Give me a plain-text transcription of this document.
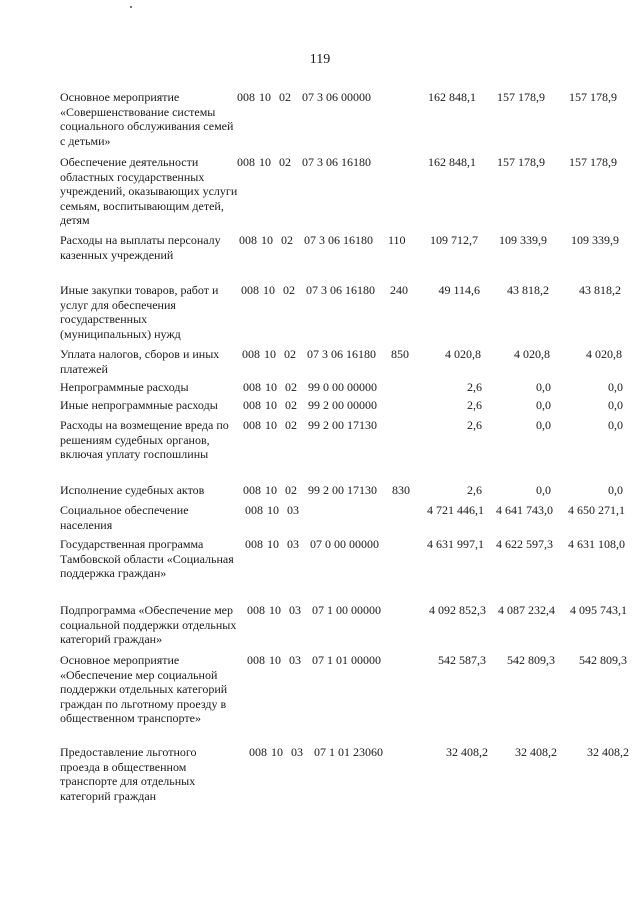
119
Основное мероприятие «Совершенствование системы социального обслуживания семей с детьми»
008 10 02 07 3 06 00000	162 848,1	157 178,9	157 178,9
Обеспечение деятельности областных государственных учреждений, оказывающих услуги семьям, воспитывающим детей, детям
008 10 02 07 3 06 16180	162 848,1	157 178,9	157 178,9
Расходы на выплаты персоналу казенных учреждений
008 10 02 07 3 06 16180 110	109 712,7	109 339,9	109 339,9
Иные закупки товаров, работ и услуг для обеспечения государственных (муниципальных) нужд
008 10 02 07 3 06 16180 240	49 114,6	43 818,2	43 818,2
Уплата налогов, сборов и иных платежей
008 10 02 07 3 06 16180 850	4 020,8	4 020,8	4 020,8
Непрограммные расходы	008 10 02 99 0 00 00000	2,6	0,0	0,0
Иные непрограммные расходы	008 10 02 99 2 00 00000	2,6	0,0	0,0
Расходы на возмещение вреда по решениям судебных органов, включая уплату госпошлины
008 10 02 99 2 00 17130	2,6	0,0	0,0
Исполнение судебных актов	008 10 02 99 2 00 17130 830	2,6	0,0	0,0
Социальное обеспечение населения
008 10 03	4 721 446,1	4 641 743,0	4 650 271,1
Государственная программа Тамбовской области «Социальная поддержка граждан»
008 10 03 07 0 00 00000	4 631 997,1	4 622 597,3	4 631 108,0
Подпрограмма «Обеспечение мер социальной поддержки отдельных категорий граждан»
008 10 03 07 1 00 00000	4 092 852,3	4 087 232,4	4 095 743,1
Основное мероприятие «Обеспечение мер социальной поддержки отдельных категорий граждан по льготному проезду в общественном транспорте»
008 10 03 07 1 01 00000	542 587,3	542 809,3	542 809,3
Предоставление льготного проезда в общественном транспорте для отдельных категорий граждан
008 10 03 07 1 01 23060	32 408,2	32 408,2	32 408,2
